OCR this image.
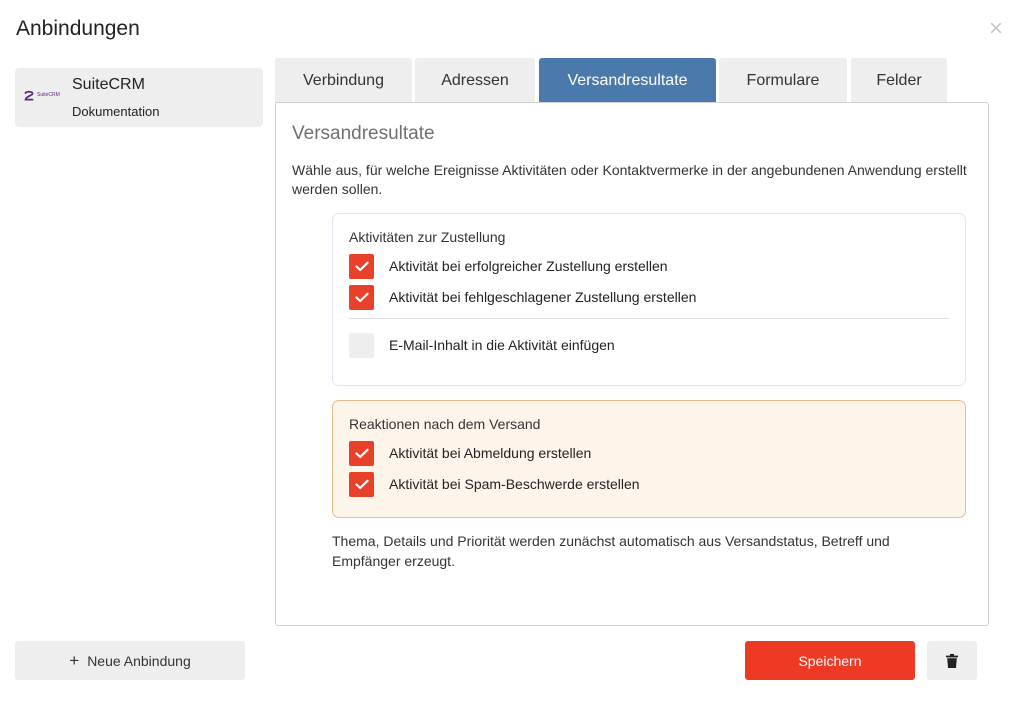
Anbindungen	×
SuiteCRM
SuiteCRM
Dokumentation
+ Neue Anbindung
Verbindung	Adressen	Versandresultate	Formulare	Felder
Versandresultate
Wähle aus, für welche Ereignisse Aktivitäten oder Kontaktvermerke in der angebundenen Anwendung erstellt werden sollen.
Aktivitäten zur Zustellung
Aktivität bei erfolgreicher Zustellung erstellen
Aktivität bei fehlgeschlagener Zustellung erstellen
E-Mail-Inhalt in die Aktivität einfügen
Reaktionen nach dem Versand
Aktivität bei Abmeldung erstellen
Aktivität bei Spam-Beschwerde erstellen
Thema, Details und Priorität werden zunächst automatisch aus Versandstatus, Betreff und Empfänger erzeugt.
Speichern
